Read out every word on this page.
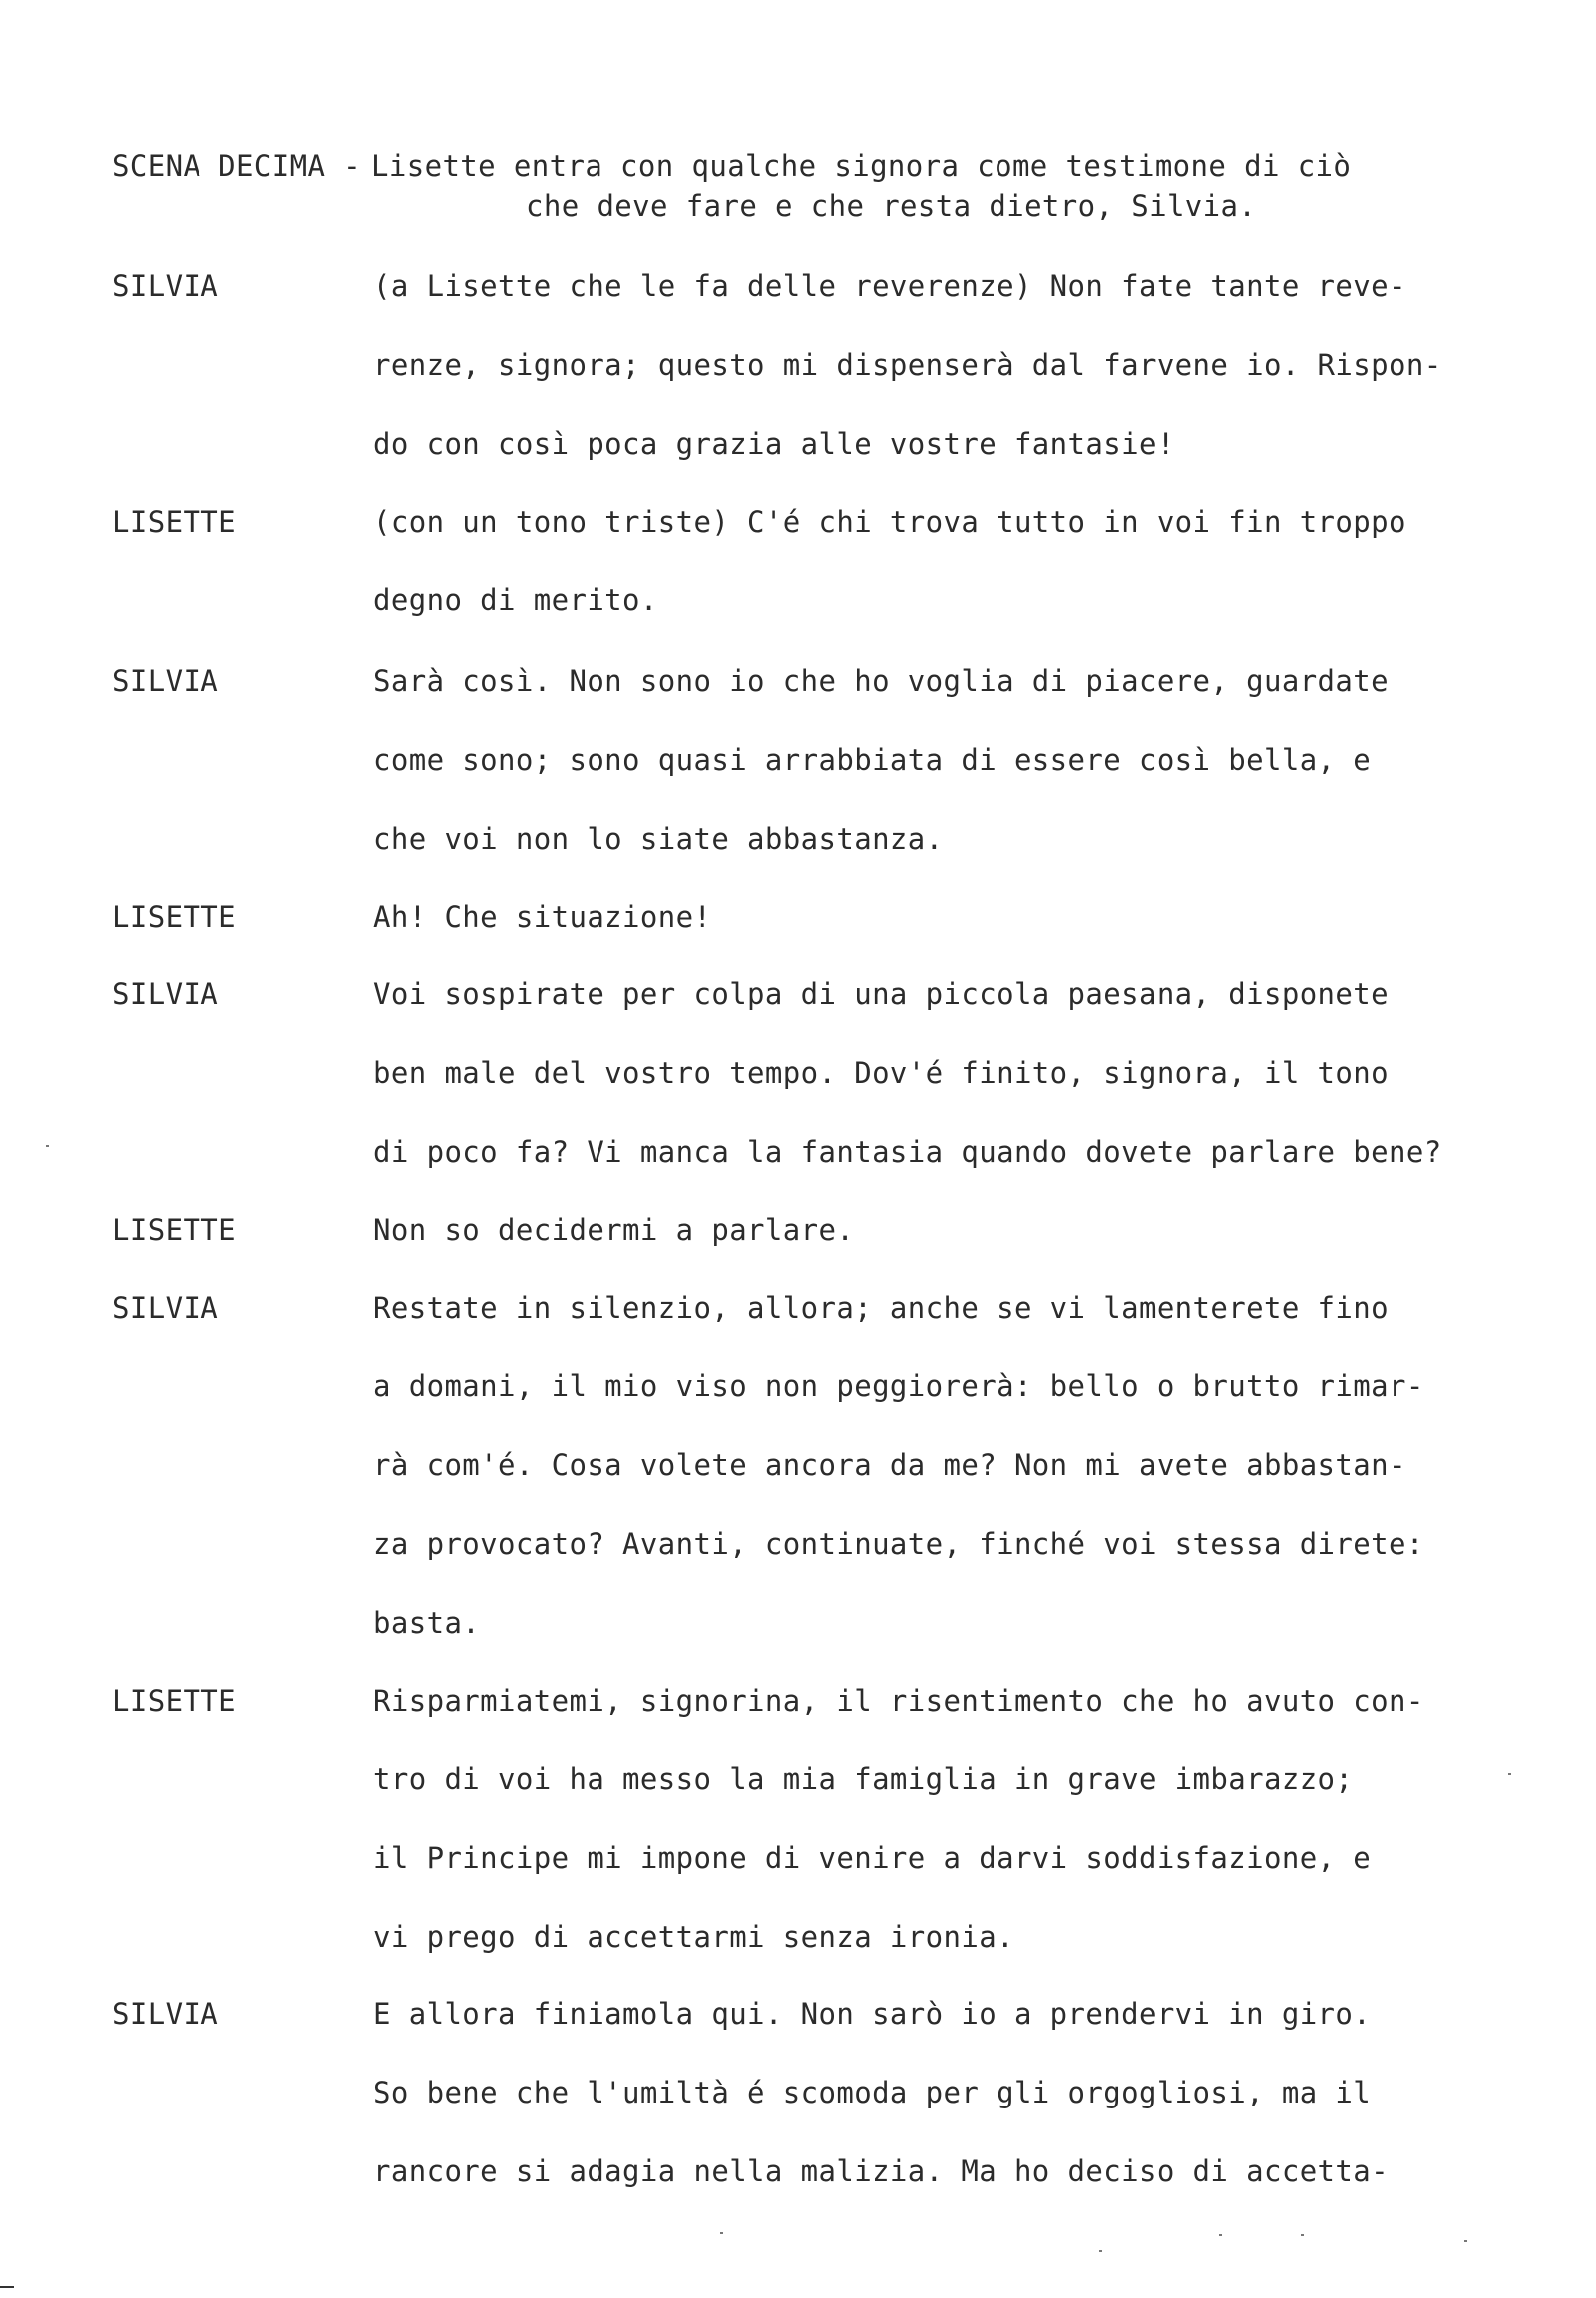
SCENA DECIMA - Lisette entra con qualche signora come testimone di ciò
che deve fare e che resta dietro, Silvia.
SILVIA	(a Lisette che le fa delle reverenze) Non fate tante reve-
renze, signora; questo mi dispenserà dal farvene io. Rispon-
do con così poca grazia alle vostre fantasie!
LISETTE	(con un tono triste) C'é chi trova tutto in voi fin troppo
degno di merito.
SILVIA	Sarà così. Non sono io che ho voglia di piacere, guardate
come sono; sono quasi arrabbiata di essere così bella, e
che voi non lo siate abbastanza.
LISETTE	Ah! Che situazione!
SILVIA	Voi sospirate per colpa di una piccola paesana, disponete
ben male del vostro tempo. Dov'é finito, signora, il tono
di poco fa? Vi manca la fantasia quando dovete parlare bene?
LISETTE	Non so decidermi a parlare.
SILVIA	Restate in silenzio, allora; anche se vi lamenterete fino
a domani, il mio viso non peggiorerà: bello o brutto rimar-
rà com'é. Cosa volete ancora da me? Non mi avete abbastan-
za provocato? Avanti, continuate, finché voi stessa direte:
basta.
LISETTE	Risparmiatemi, signorina, il risentimento che ho avuto con-
tro di voi ha messo la mia famiglia in grave imbarazzo;
il Principe mi impone di venire a darvi soddisfazione, e
vi prego di accettarmi senza ironia.
SILVIA	E allora finiamola qui. Non sarò io a prendervi in giro.
So bene che l'umiltà é scomoda per gli orgogliosi, ma il
rancore si adagia nella malizia. Ma ho deciso di accetta-
